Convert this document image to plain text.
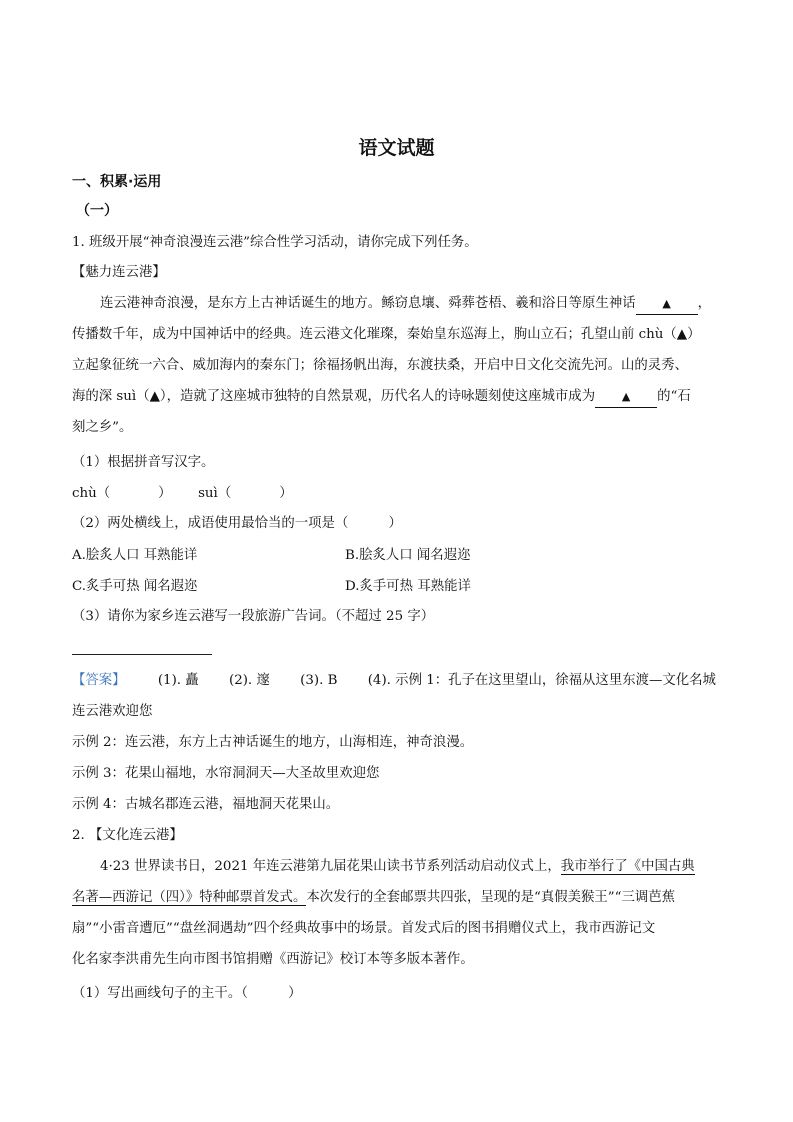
语文试题
一、积累·运用
（一）
1. 班级开展“神奇浪漫连云港”综合性学习活动，请你完成下列任务。
【魅力连云港】
连云港神奇浪漫，是东方上古神话诞生的地方。鲧窃息壤、舜葬苍梧、羲和浴日等原生神话 ▲ ，
传播数千年，成为中国神话中的经典。连云港文化璀璨，秦始皇东巡海上，朐山立石；孔望山前 chù（▲）
立起象征统一六合、威加海内的秦东门；徐福扬帆出海，东渡扶桑，开启中日文化交流先河。山的灵秀、
海的深 suì（▲），造就了这座城市独特的自然景观，历代名人的诗咏题刻使这座城市成为 ▲ 的“石
刻之乡”。
（1）根据拼音写汉字。
chù（	） suì（	）
（2）两处横线上，成语使用最恰当的一项是（　　　）
A.脍炙人口 耳熟能详	B.脍炙人口 闻名遐迩
C.炙手可热 闻名遐迩	D.炙手可热 耳熟能详
（3）请你为家乡连云港写一段旅游广告词。（不超过 25 字）
【答案】 (1). 矗 (2). 邃 (3). B (4). 示例 1：孔子在这里望山，徐福从这里东渡—文化名城
连云港欢迎您
示例 2：连云港，东方上古神话诞生的地方，山海相连，神奇浪漫。
示例 3：花果山福地，水帘洞洞天—大圣故里欢迎您
示例 4：古城名郡连云港，福地洞天花果山。
2. 【文化连云港】
4·23 世界读书日，2021 年连云港第九届花果山读书节系列活动启动仪式上，我市举行了《中国古典
名著—西游记（四）》特种邮票首发式。本次发行的全套邮票共四张，呈现的是“真假美猴王”“三调芭蕉
扇”“小雷音遭厄”“盘丝洞遇劫”四个经典故事中的场景。首发式后的图书捐赠仪式上，我市西游记文
化名家李洪甫先生向市图书馆捐赠《西游记》校订本等多版本著作。
（1）写出画线句子的主干。（　　　）
